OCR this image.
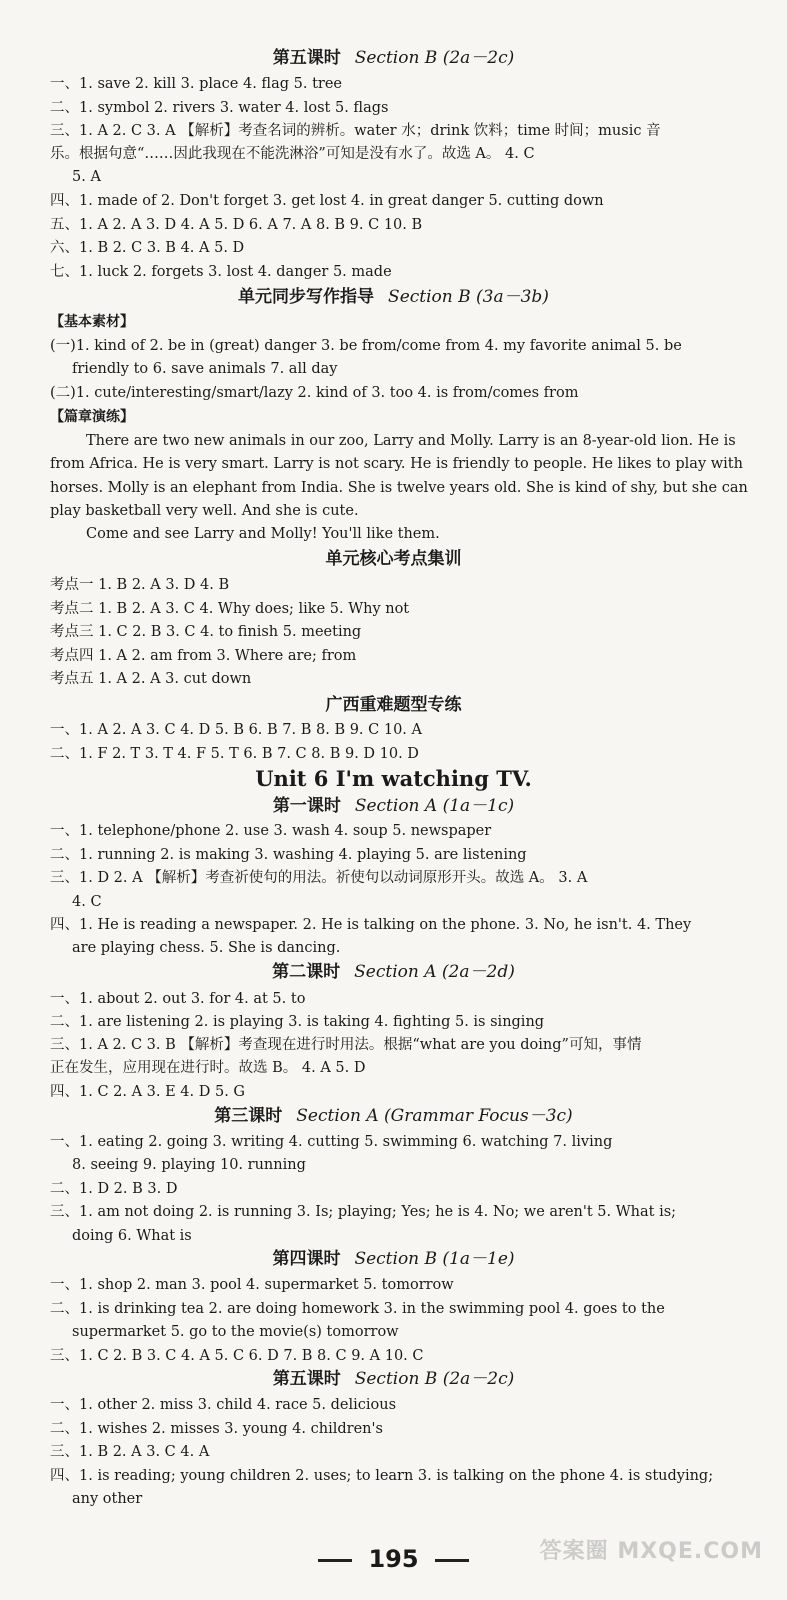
第五课时 Section B (2a－2c)
一、1. save 2. kill 3. place 4. flag 5. tree
二、1. symbol 2. rivers 3. water 4. lost 5. flags
三、1. A 2. C 3. A 【解析】考查名词的辨析。water 水；drink 饮料；time 时间；music 音
乐。根据句意“……因此我现在不能洗淋浴”可知是没有水了。故选 A。 4. C
5. A
四、1. made of 2. Don't forget 3. get lost 4. in great danger 5. cutting down
五、1. A 2. A 3. D 4. A 5. D 6. A 7. A 8. B 9. C 10. B
六、1. B 2. C 3. B 4. A 5. D
七、1. luck 2. forgets 3. lost 4. danger 5. made
单元同步写作指导 Section B (3a－3b)
【基本素材】
(一)1. kind of 2. be in (great) danger 3. be from/come from 4. my favorite animal 5. be
friendly to 6. save animals 7. all day
(二)1. cute/interesting/smart/lazy 2. kind of 3. too 4. is from/comes from
【篇章演练】
There are two new animals in our zoo, Larry and Molly. Larry is an 8-year-old lion. He is
from Africa. He is very smart. Larry is not scary. He is friendly to people. He likes to play with
horses. Molly is an elephant from India. She is twelve years old. She is kind of shy, but she can
play basketball very well. And she is cute.
Come and see Larry and Molly! You'll like them.
单元核心考点集训
考点一 1. B 2. A 3. D 4. B
考点二 1. B 2. A 3. C 4. Why does; like 5. Why not
考点三 1. C 2. B 3. C 4. to finish 5. meeting
考点四 1. A 2. am from 3. Where are; from
考点五 1. A 2. A 3. cut down
广西重难题型专练
一、1. A 2. A 3. C 4. D 5. B 6. B 7. B 8. B 9. C 10. A
二、1. F 2. T 3. T 4. F 5. T 6. B 7. C 8. B 9. D 10. D
Unit 6 I'm watching TV.
第一课时 Section A (1a－1c)
一、1. telephone/phone 2. use 3. wash 4. soup 5. newspaper
二、1. running 2. is making 3. washing 4. playing 5. are listening
三、1. D 2. A 【解析】考查祈使句的用法。祈使句以动词原形开头。故选 A。 3. A
4. C
四、1. He is reading a newspaper. 2. He is talking on the phone. 3. No, he isn't. 4. They
are playing chess. 5. She is dancing.
第二课时 Section A (2a－2d)
一、1. about 2. out 3. for 4. at 5. to
二、1. are listening 2. is playing 3. is taking 4. fighting 5. is singing
三、1. A 2. C 3. B 【解析】考查现在进行时用法。根据“what are you doing”可知，事情
正在发生，应用现在进行时。故选 B。 4. A 5. D
四、1. C 2. A 3. E 4. D 5. G
第三课时 Section A (Grammar Focus－3c)
一、1. eating 2. going 3. writing 4. cutting 5. swimming 6. watching 7. living
8. seeing 9. playing 10. running
二、1. D 2. B 3. D
三、1. am not doing 2. is running 3. Is; playing; Yes; he is 4. No; we aren't 5. What is;
doing 6. What is
第四课时 Section B (1a－1e)
一、1. shop 2. man 3. pool 4. supermarket 5. tomorrow
二、1. is drinking tea 2. are doing homework 3. in the swimming pool 4. goes to the
supermarket 5. go to the movie(s) tomorrow
三、1. C 2. B 3. C 4. A 5. C 6. D 7. B 8. C 9. A 10. C
第五课时 Section B (2a－2c)
一、1. other 2. miss 3. child 4. race 5. delicious
二、1. wishes 2. misses 3. young 4. children's
三、1. B 2. A 3. C 4. A
四、1. is reading; young children 2. uses; to learn 3. is talking on the phone 4. is studying;
any other
195	答案圈 MXQE.COM
